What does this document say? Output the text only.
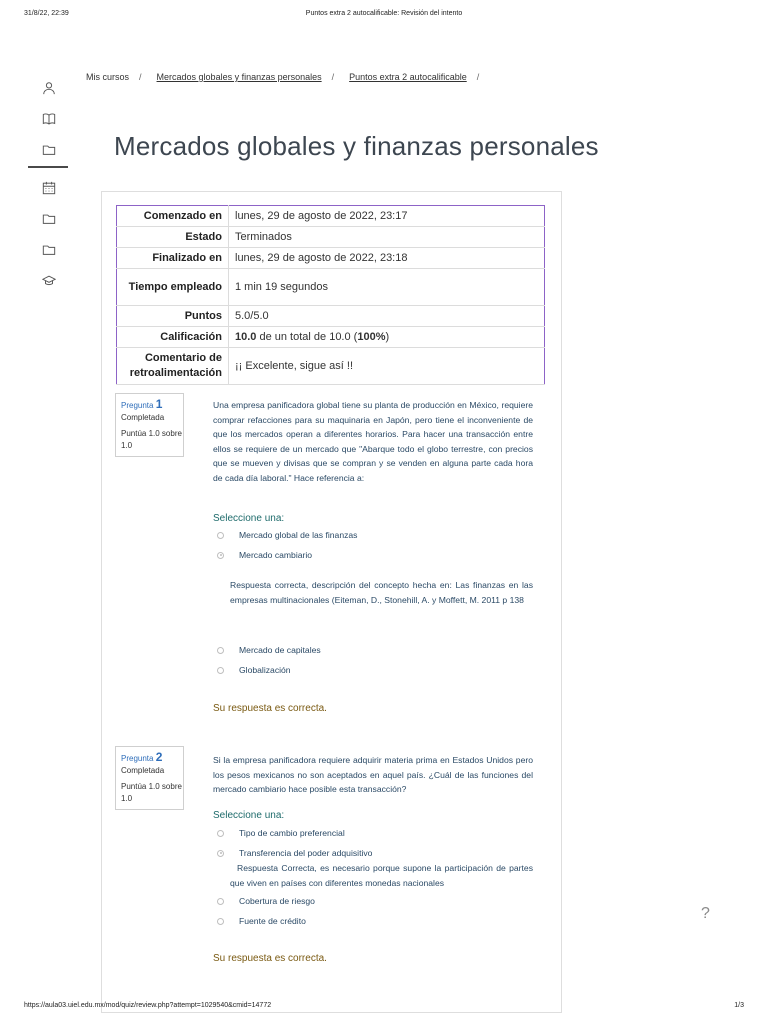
31/8/22, 22:39	Puntos extra 2 autocalificable: Revisión del intento
Mis cursos / Mercados globales y finanzas personales / Puntos extra 2 autocalificable /
Mercados globales y finanzas personales
Comenzado en	lunes, 29 de agosto de 2022, 23:17
Estado	Terminados
Finalizado en	lunes, 29 de agosto de 2022, 23:18
Tiempo empleado	1 min 19 segundos
Puntos	5.0/5.0
Calificación	10.0 de un total de 10.0 (100%)
Comentario de retroalimentación	¡¡ Excelente, sigue así !!
Pregunta 1
Completada
Puntúa 1.0 sobre 1.0
Una empresa panificadora global tiene su planta de producción en México, requiere comprar refacciones para su maquinaria en Japón, pero tiene el inconveniente de que los mercados operan a diferentes horarios. Para hacer una transacción entre ellos se requiere de un mercado que "Abarque todo el globo terrestre, con precios que se mueven y divisas que se compran y se venden en alguna parte cada hora de cada día laboral." Hace referencia a:
Seleccione una:
Mercado global de las finanzas
Mercado cambiario
Respuesta correcta, descripción del concepto hecha en: Las finanzas en las empresas multinacionales (Eiteman, D., Stonehill, A. y Moffett, M. 2011 p 138
Mercado de capitales
Globalización
Su respuesta es correcta.
Pregunta 2
Completada
Puntúa 1.0 sobre 1.0
Si la empresa panificadora requiere adquirir materia prima en Estados Unidos pero los pesos mexicanos no son aceptados en aquel país. ¿Cuál de las funciones del mercado cambiario hace posible esta transacción?
Seleccione una:
Tipo de cambio preferencial
Transferencia del poder adquisitivo
Respuesta Correcta, es necesario porque supone la participación de partes que viven en países con diferentes monedas nacionales
Cobertura de riesgo
Fuente de crédito
Su respuesta es correcta.
?
https://aula03.uiel.edu.mx/mod/quiz/review.php?attempt=1029540&cmid=14772	1/3
